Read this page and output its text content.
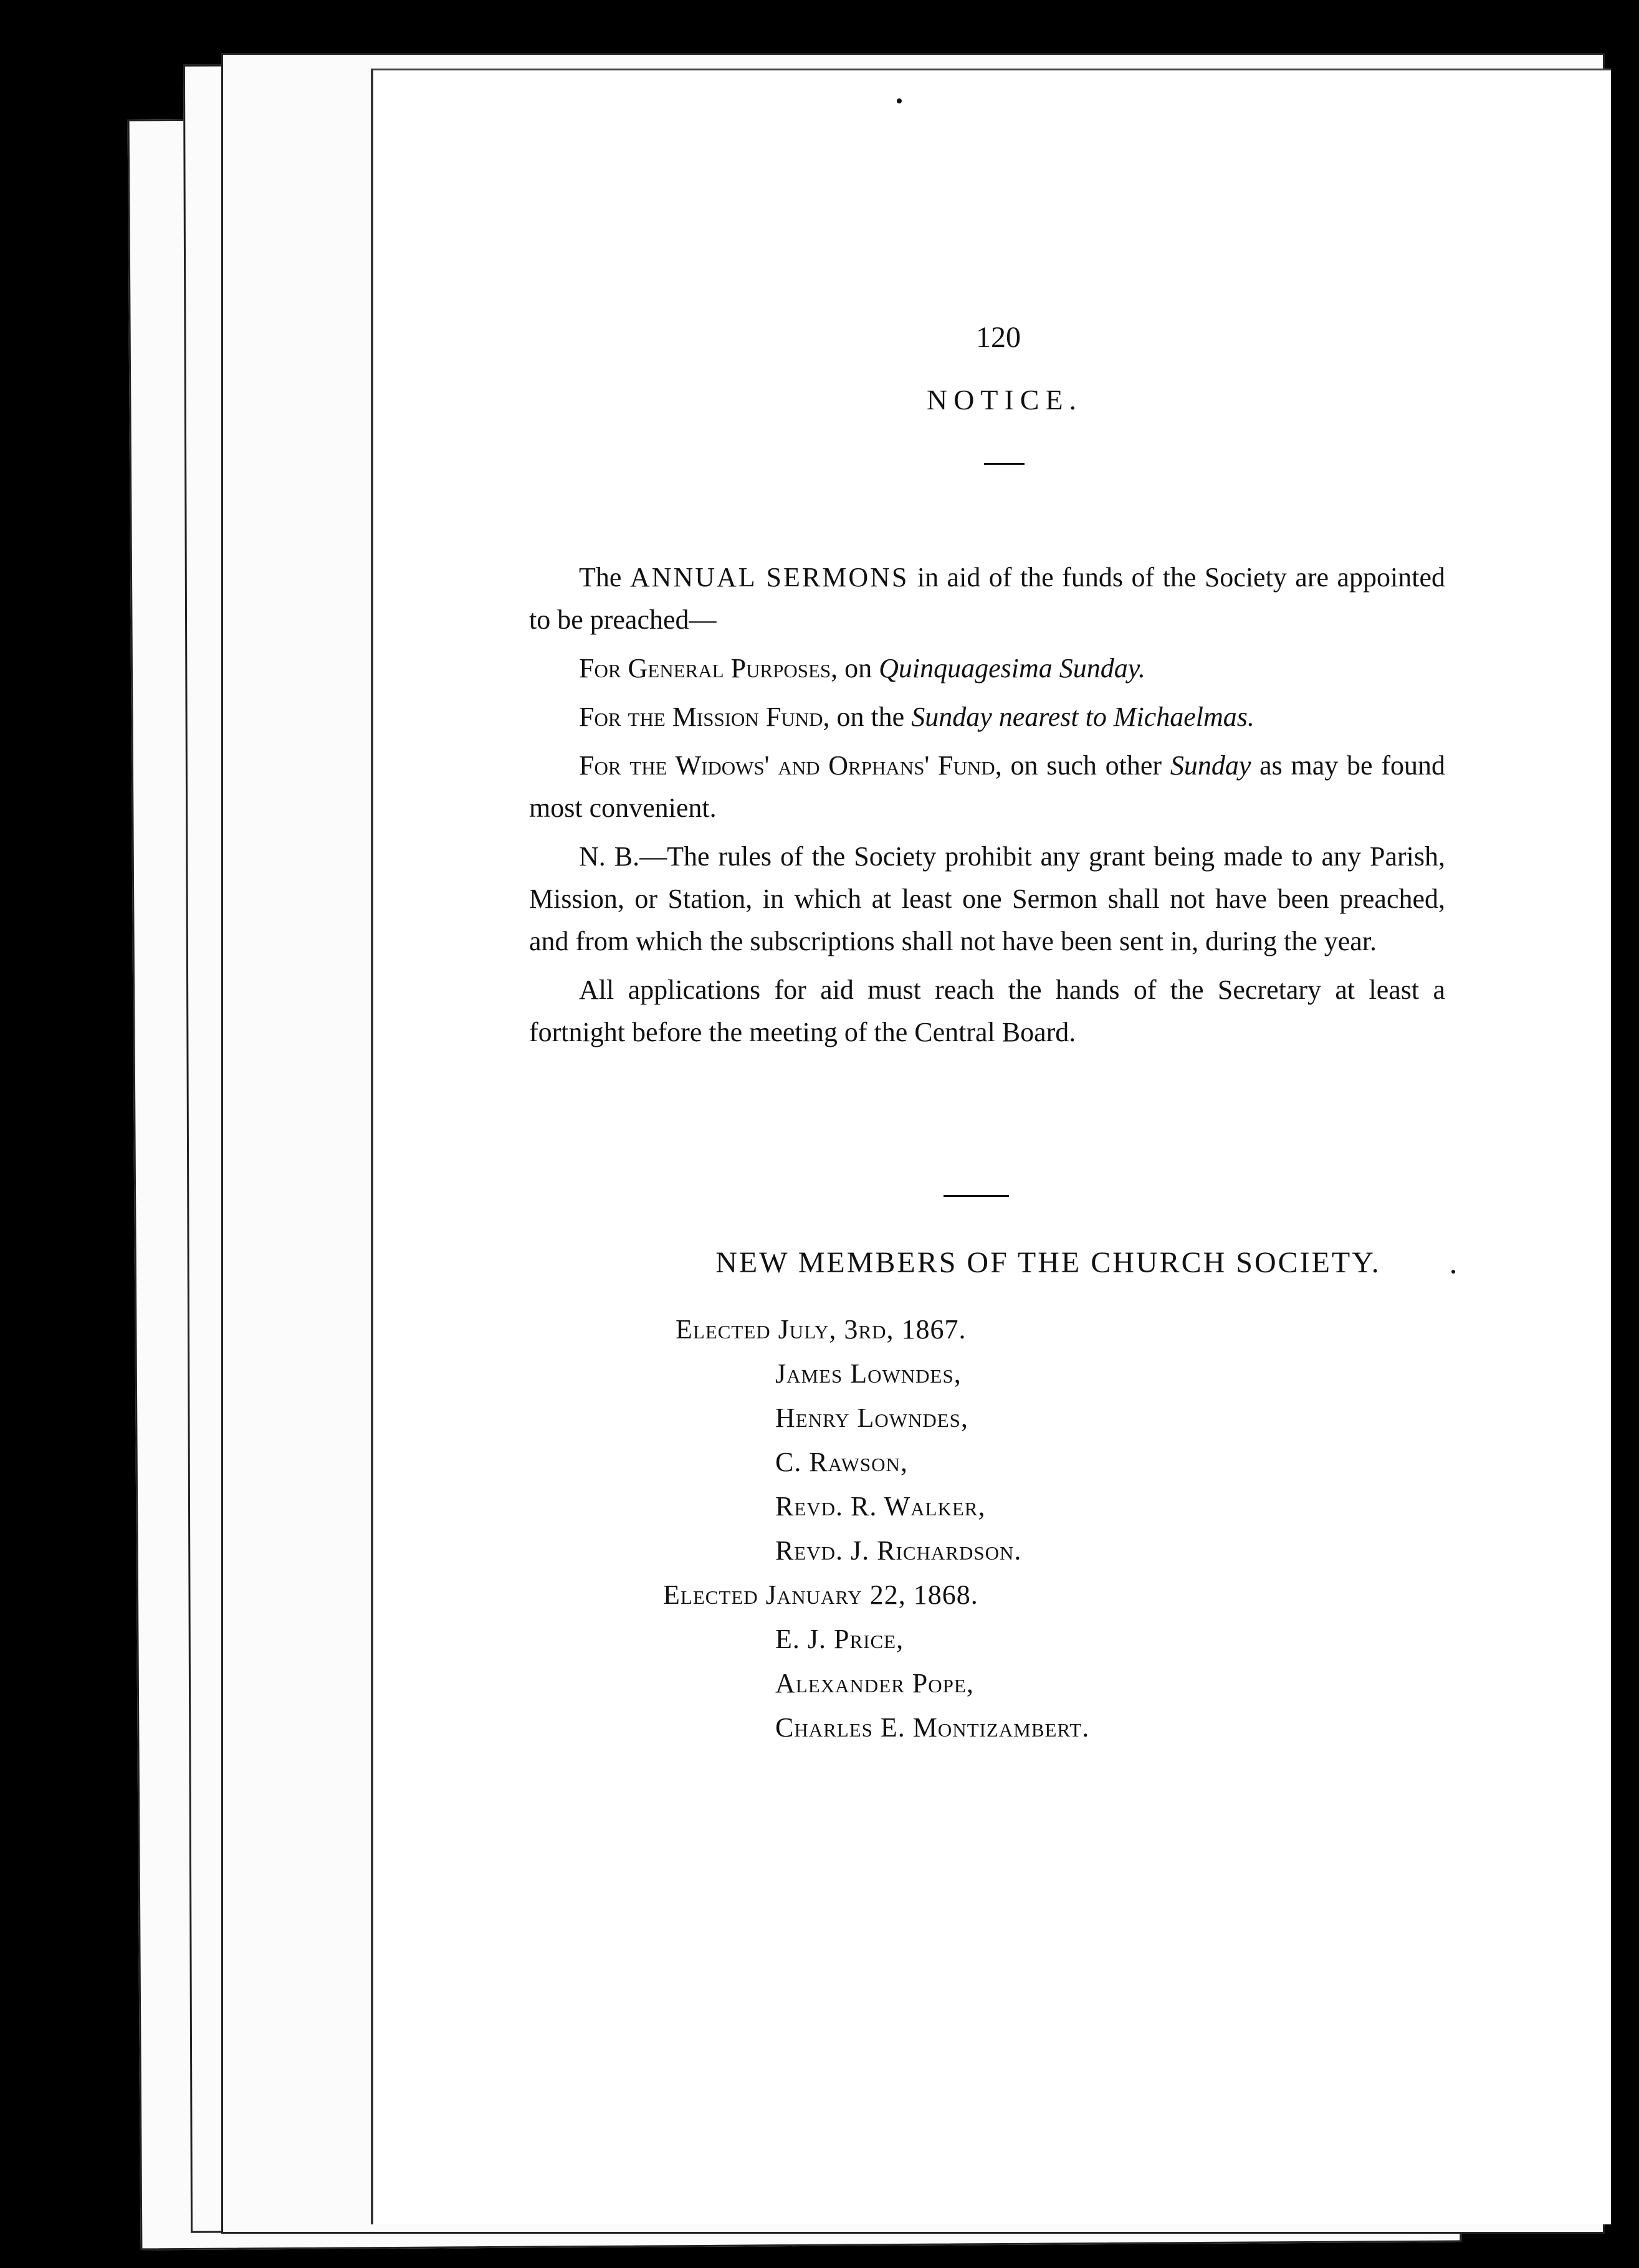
120
NOTICE.

The ANNUAL SERMONS in aid of the funds of the Society are appointed to be preached—

For General Purposes, on Quinquagesima Sunday.

For the Mission Fund, on the Sunday nearest to Michaelmas.

For the Widows' and Orphans' Fund, on such other Sunday as may be found most convenient.

N. B.—The rules of the Society prohibit any grant being made to any Parish, Mission, or Station, in which at least one Sermon shall not have been preached, and from which the subscriptions shall not have been sent in, during the year.

All applications for aid must reach the hands of the Secretary at least a fortnight before the meeting of the Central Board.

NEW MEMBERS OF THE CHURCH SOCIETY.
Elected July, 3rd, 1867.
James Lowndes,
Henry Lowndes,
C. Rawson,
Revd. R. Walker,
Revd. J. Richardson.
Elected January 22, 1868.
E. J. Price,
Alexander Pope,
Charles E. Montizambert.
